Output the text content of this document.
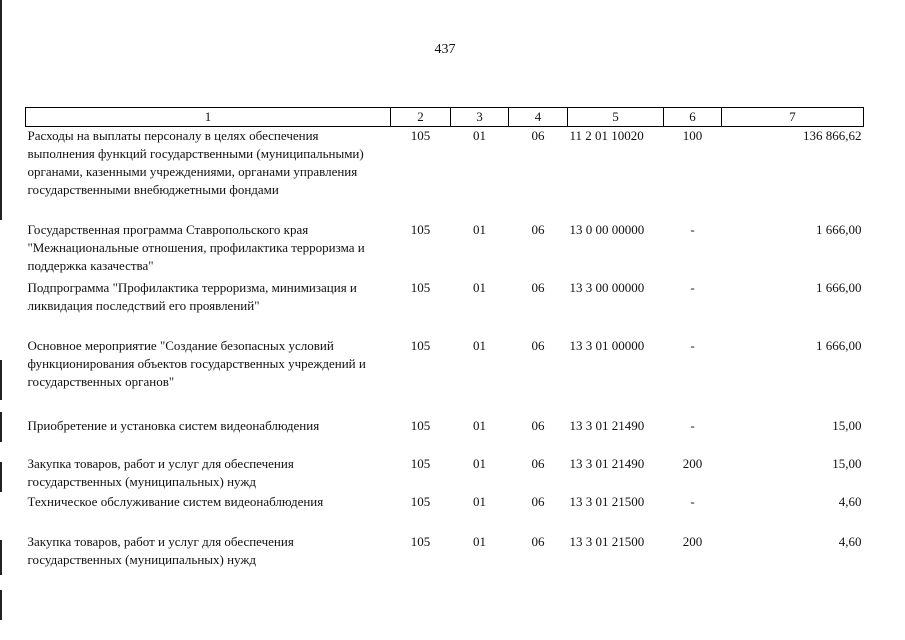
437
1	2	3	4	5	6	7
Расходы на выплаты персоналу в целях обеспечения выполнения функций государственными (муниципальными) органами, казенными учреждениями, органами управления государственными внебюджетными фондами	105	01	06	11 2 01 10020	100	136 866,62
Государственная программа Ставропольского края "Межнациональные отношения, профилактика терроризма и поддержка казачества"	105	01	06	13 0 00 00000	-	1 666,00
Подпрограмма "Профилактика терроризма, минимизация и ликвидация последствий его проявлений"	105	01	06	13 3 00 00000	-	1 666,00
Основное мероприятие "Создание безопасных условий функционирования объектов государственных учреждений и государственных органов"	105	01	06	13 3 01 00000	-	1 666,00
Приобретение и установка систем видеонаблюдения	105	01	06	13 3 01 21490	-	15,00
Закупка товаров, работ и услуг для обеспечения государственных (муниципальных) нужд	105	01	06	13 3 01 21490	200	15,00
Техническое обслуживание систем видеонаблюдения	105	01	06	13 3 01 21500	-	4,60
Закупка товаров, работ и услуг для обеспечения государственных (муниципальных) нужд	105	01	06	13 3 01 21500	200	4,60
